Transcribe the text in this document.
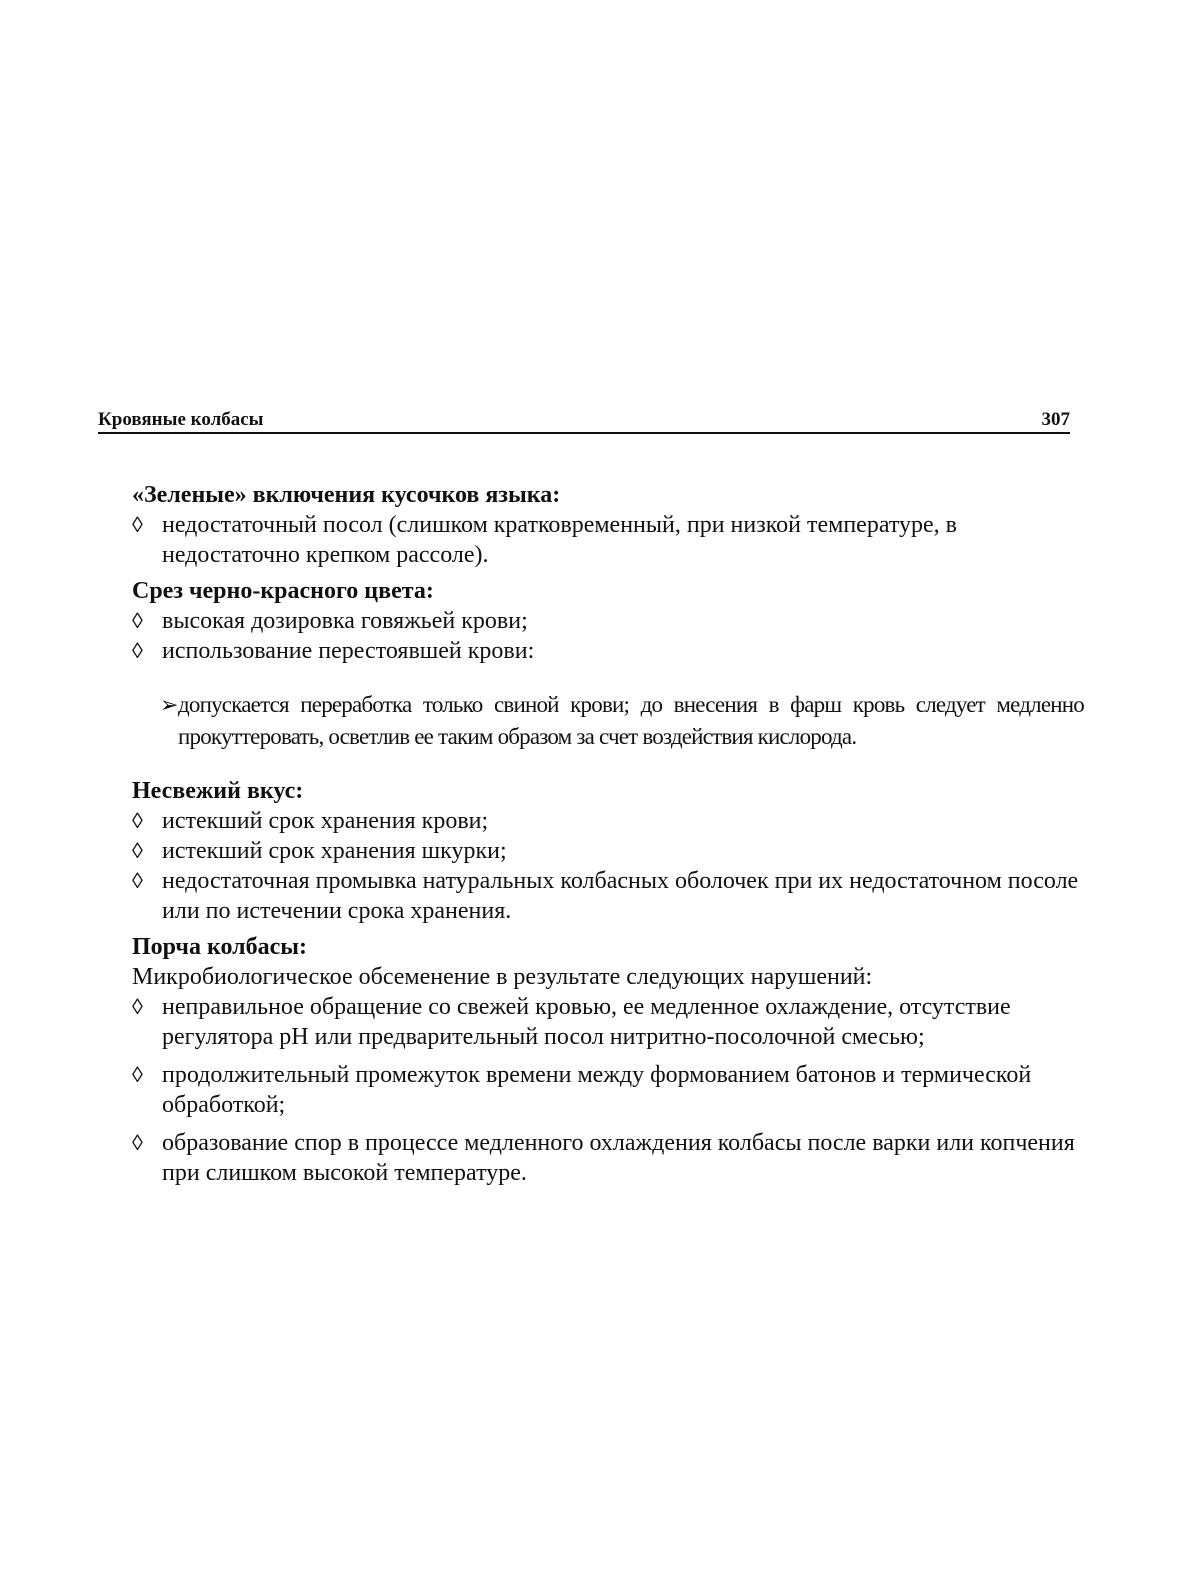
Кровяные колбасы	307

«Зеленые» включения кусочков языка:

◊ недостаточный посол (слишком кратковременный, при низкой температуре, в недостаточно крепком рассоле).

Срез черно-красного цвета:

◊ высокая дозировка говяжьей крови;

◊ использование перестоявшей крови:

➢ допускается переработка только свиной крови; до внесения в фарш кровь следует медленно прокуттеровать, осветлив ее таким образом за счет воздействия кислорода.

Несвежий вкус:

◊ истекший срок хранения крови;

◊ истекший срок хранения шкурки;

◊ недостаточная промывка натуральных колбасных оболочек при их недостаточном посоле или по истечении срока хранения.

Порча колбасы:

Микробиологическое обсеменение в результате следующих нарушений:

◊ неправильное обращение со свежей кровью, ее медленное охлаждение, отсутствие регулятора pH или предварительный посол нитритно-посолочной смесью;

◊ продолжительный промежуток времени между формованием батонов и термической обработкой;

◊ образование спор в процессе медленного охлаждения колбасы после варки или копчения при слишком высокой температуре.
